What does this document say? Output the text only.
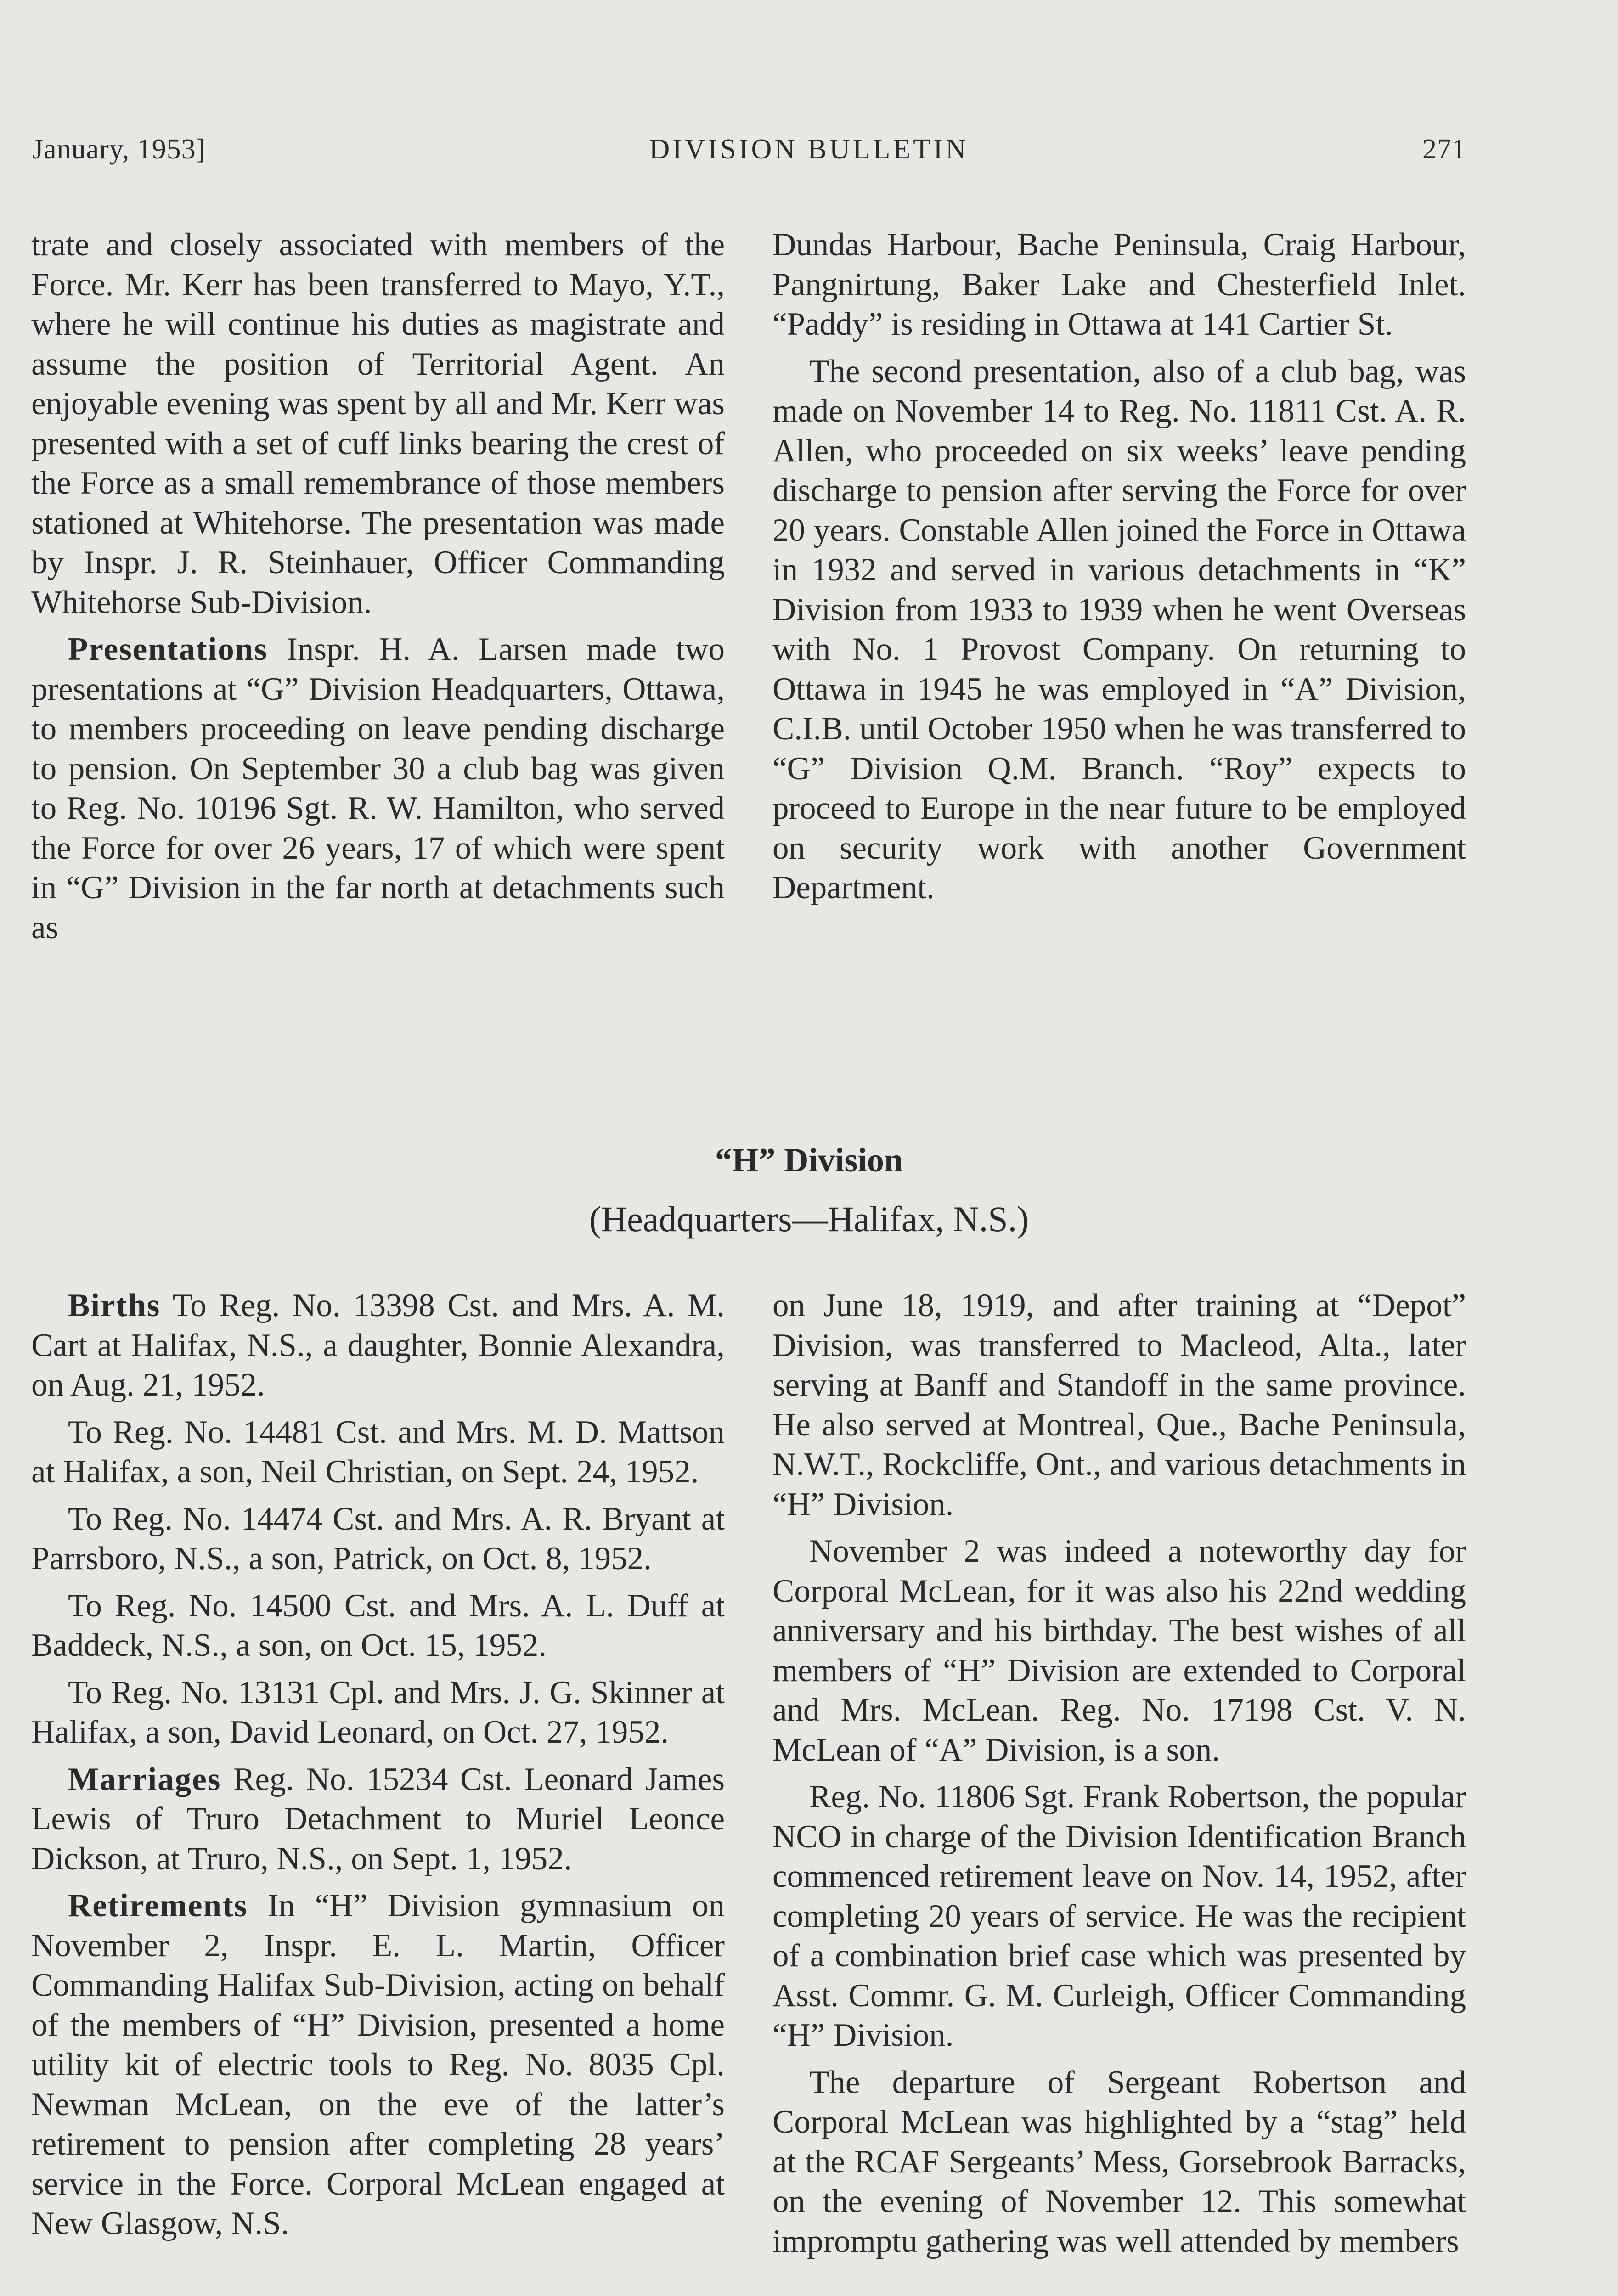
January, 1953]	DIVISION BULLETIN	271

trate and closely associated with members of the Force. Mr. Kerr has been transferred to Mayo, Y.T., where he will continue his duties as magistrate and assume the position of Territorial Agent. An enjoyable evening was spent by all and Mr. Kerr was presented with a set of cuff links bearing the crest of the Force as a small remembrance of those members stationed at Whitehorse. The presentation was made by Inspr. J. R. Steinhauer, Officer Commanding Whitehorse Sub-Division.

Presentations Inspr. H. A. Larsen made two presentations at “G” Division Headquarters, Ottawa, to members proceeding on leave pending discharge to pension. On September 30 a club bag was given to Reg. No. 10196 Sgt. R. W. Hamilton, who served the Force for over 26 years, 17 of which were spent in “G” Division in the far north at detachments such as

Dundas Harbour, Bache Peninsula, Craig Harbour, Pangnirtung, Baker Lake and Chesterfield Inlet. “Paddy” is residing in Ottawa at 141 Cartier St.

The second presentation, also of a club bag, was made on November 14 to Reg. No. 11811 Cst. A. R. Allen, who proceeded on six weeks’ leave pending discharge to pension after serving the Force for over 20 years. Constable Allen joined the Force in Ottawa in 1932 and served in various detachments in “K” Division from 1933 to 1939 when he went Overseas with No. 1 Provost Company. On returning to Ottawa in 1945 he was employed in “A” Division, C.I.B. until October 1950 when he was transferred to “G” Division Q.M. Branch. “Roy” expects to proceed to Europe in the near future to be employed on security work with another Government Department.

“H” Division
(Headquarters—Halifax, N.S.)

Births To Reg. No. 13398 Cst. and Mrs. A. M. Cart at Halifax, N.S., a daughter, Bonnie Alexandra, on Aug. 21, 1952.

To Reg. No. 14481 Cst. and Mrs. M. D. Mattson at Halifax, a son, Neil Christian, on Sept. 24, 1952.

To Reg. No. 14474 Cst. and Mrs. A. R. Bryant at Parrsboro, N.S., a son, Patrick, on Oct. 8, 1952.

To Reg. No. 14500 Cst. and Mrs. A. L. Duff at Baddeck, N.S., a son, on Oct. 15, 1952.

To Reg. No. 13131 Cpl. and Mrs. J. G. Skinner at Halifax, a son, David Leonard, on Oct. 27, 1952.

Marriages Reg. No. 15234 Cst. Leonard James Lewis of Truro Detachment to Muriel Leonce Dickson, at Truro, N.S., on Sept. 1, 1952.

Retirements In “H” Division gymnasium on November 2, Inspr. E. L. Martin, Officer Commanding Halifax Sub-Division, acting on behalf of the members of “H” Division, presented a home utility kit of electric tools to Reg. No. 8035 Cpl. Newman McLean, on the eve of the latter’s retirement to pension after completing 28 years’ service in the Force. Corporal McLean engaged at New Glasgow, N.S.

on June 18, 1919, and after training at “Depot” Division, was transferred to Macleod, Alta., later serving at Banff and Standoff in the same province. He also served at Montreal, Que., Bache Peninsula, N.W.T., Rockcliffe, Ont., and various detachments in “H” Division.

November 2 was indeed a noteworthy day for Corporal McLean, for it was also his 22nd wedding anniversary and his birthday. The best wishes of all members of “H” Division are extended to Corporal and Mrs. McLean. Reg. No. 17198 Cst. V. N. McLean of “A” Division, is a son.

Reg. No. 11806 Sgt. Frank Robertson, the popular NCO in charge of the Division Identification Branch commenced retirement leave on Nov. 14, 1952, after completing 20 years of service. He was the recipient of a combination brief case which was presented by Asst. Commr. G. M. Curleigh, Officer Commanding “H” Division.

The departure of Sergeant Robertson and Corporal McLean was highlighted by a “stag” held at the RCAF Sergeants’ Mess, Gorsebrook Barracks, on the evening of November 12. This somewhat impromptu gathering was well attended by members
